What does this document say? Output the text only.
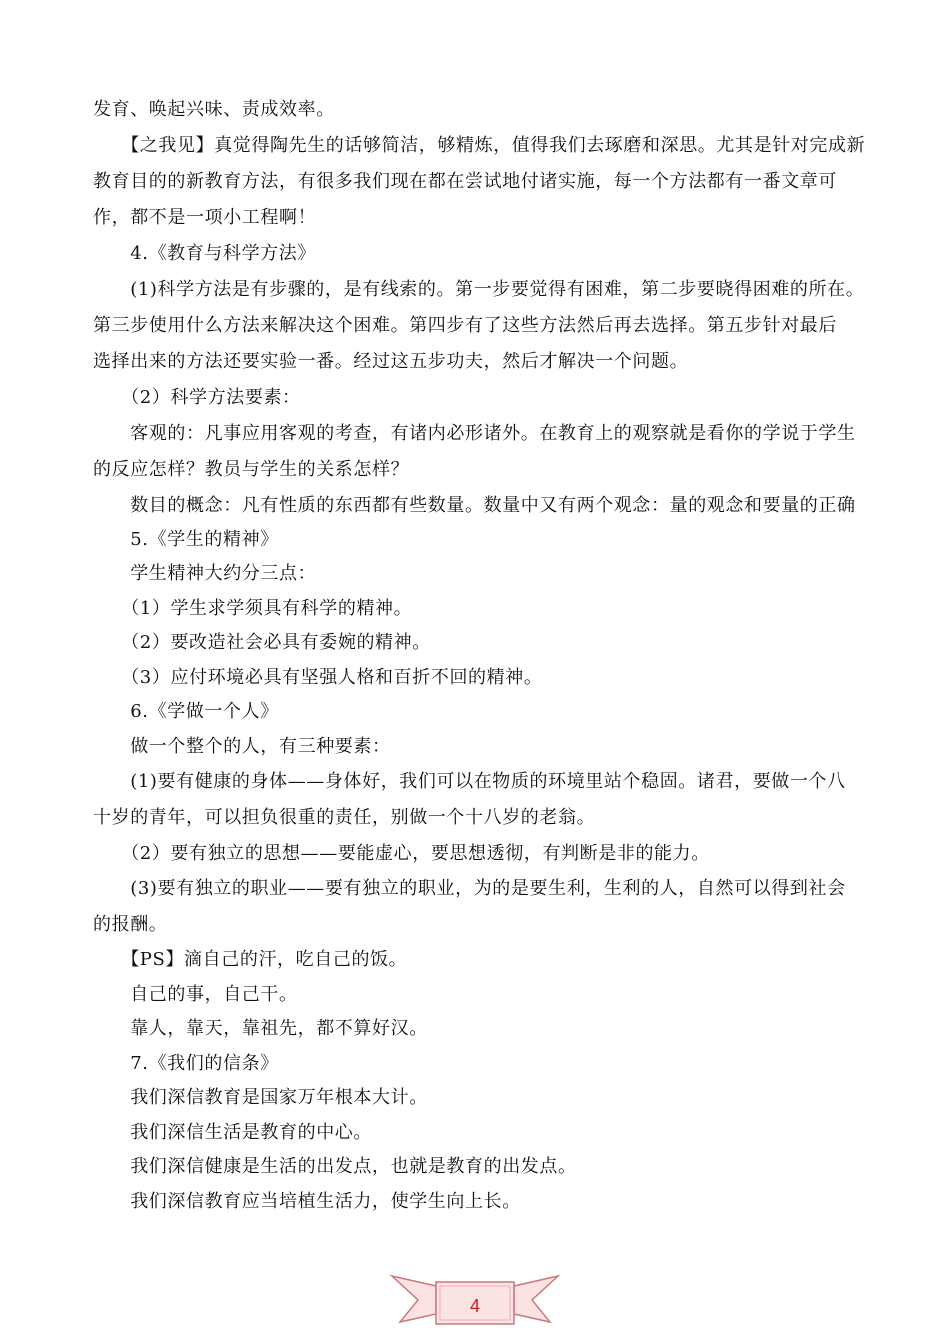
发育、唤起兴味、责成效率。
　　【之我见】真觉得陶先生的话够简洁，够精炼，值得我们去琢磨和深思。尤其是针对完成新
教育目的的新教育方法，有很多我们现在都在尝试地付诸实施，每一个方法都有一番文章可
作，都不是一项小工程啊！
　　4.《教育与科学方法》
　　(1)科学方法是有步骤的，是有线索的。第一步要觉得有困难，第二步要晓得困难的所在。
第三步使用什么方法来解决这个困难。第四步有了这些方法然后再去选择。第五步针对最后
选择出来的方法还要实验一番。经过这五步功夫，然后才解决一个问题。
　　（2）科学方法要素：
　　客观的：凡事应用客观的考查，有诸内必形诸外。在教育上的观察就是看你的学说于学生
的反应怎样？教员与学生的关系怎样？
　　数目的概念：凡有性质的东西都有些数量。数量中又有两个观念：量的观念和要量的正确
　　5.《学生的精神》
　　学生精神大约分三点：
　　（1）学生求学须具有科学的精神。
　　（2）要改造社会必具有委婉的精神。
　　（3）应付环境必具有坚强人格和百折不回的精神。
　　6.《学做一个人》
　　做一个整个的人，有三种要素：
　　(1)要有健康的身体——身体好，我们可以在物质的环境里站个稳固。诸君，要做一个八
十岁的青年，可以担负很重的责任，别做一个十八岁的老翁。
　　（2）要有独立的思想——要能虚心，要思想透彻，有判断是非的能力。
　　(3)要有独立的职业——要有独立的职业，为的是要生利，生利的人，自然可以得到社会
的报酬。
　　【PS】滴自己的汗，吃自己的饭。
　　自己的事，自己干。
　　靠人，靠天，靠祖先，都不算好汉。
　　7.《我们的信条》
　　我们深信教育是国家万年根本大计。
　　我们深信生活是教育的中心。
　　我们深信健康是生活的出发点，也就是教育的出发点。
　　我们深信教育应当培植生活力，使学生向上长。
4
